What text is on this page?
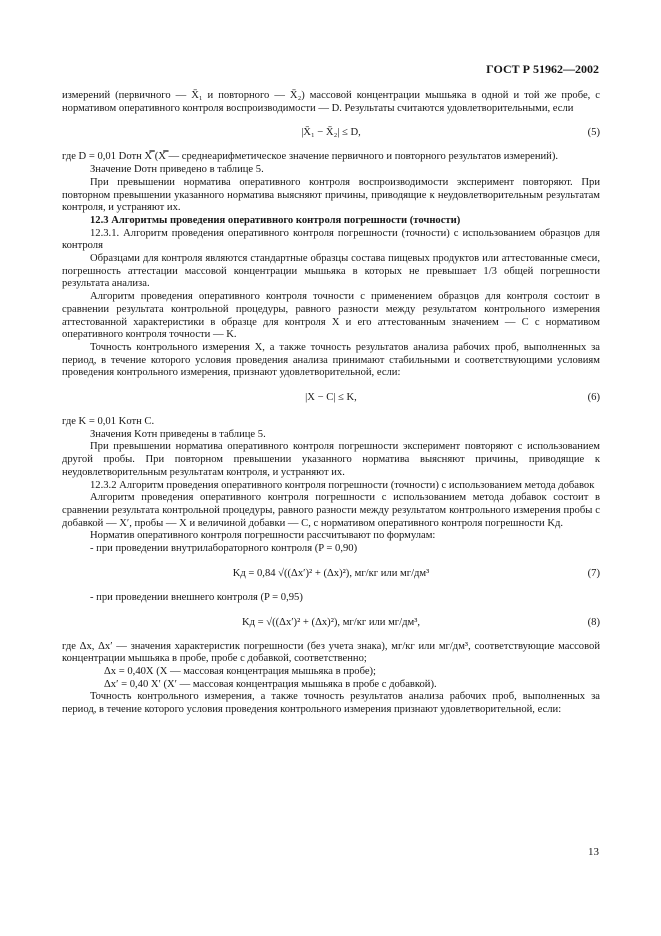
ГОСТ Р 51962—2002

измерений (первичного — X̄₁ и повторного — X̄₂) массовой концентрации мышьяка в одной и той же пробе, с нормативом оперативного контроля воспроизводимости — D. Результаты считаются удовлетворительными, если

|X̄₁ − X̄₂| ≤ D,	(5)

где D = 0,01 Dотн X̿ (X̿ — среднеарифметическое значение первичного и повторного результатов измерений).

Значение Dотн приведено в таблице 5.

При превышении норматива оперативного контроля воспроизводимости эксперимент повторяют. При повторном превышении указанного норматива выясняют причины, приводящие к неудовлетворительным результатам контроля, и устраняют их.

12.3 Алгоритмы проведения оперативного контроля погрешности (точности)

12.3.1. Алгоритм проведения оперативного контроля погрешности (точности) с использованием образцов для контроля

Образцами для контроля являются стандартные образцы состава пищевых продуктов или аттестованные смеси, погрешность аттестации массовой концентрации мышьяка в которых не превышает 1/3 общей погрешности результата анализа.

Алгоритм проведения оперативного контроля точности с применением образцов для контроля состоит в сравнении результата контрольной процедуры, равного разности между результатом контрольного измерения аттестованной характеристики в образце для контроля X и его аттестованным значением — C с нормативом оперативного контроля точности — K.

Точность контрольного измерения X, а также точность результатов анализа рабочих проб, выполненных за период, в течение которого условия проведения анализа принимают стабильными и соответствующими условиям проведения контрольного измерения, признают удовлетворительной, если:

|X − C| ≤ K,	(6)

где K = 0,01 Kотн C.

Значения Kотн приведены в таблице 5.

При превышении норматива оперативного контроля погрешности эксперимент повторяют с использованием другой пробы. При повторном превышении указанного норматива выясняют причины, приводящие к неудовлетворительным результатам контроля, и устраняют их.

12.3.2 Алгоритм проведения оперативного контроля погрешности (точности) с использованием метода добавок

Алгоритм проведения оперативного контроля погрешности с использованием метода добавок состоит в сравнении результата контрольной процедуры, равного разности между результатом контрольного измерения пробы с добавкой — X′, пробы — X и величиной добавки — C, с нормативом оперативного контроля погрешности Kд.

Норматив оперативного контроля погрешности рассчитывают по формулам:

- при проведении внутрилабораторного контроля (P = 0,90)

Kд = 0,84 √((Δx′)² + (Δx)²), мг/кг или мг/дм³	(7)

- при проведении внешнего контроля (P = 0,95)

Kд = √((Δx′)² + (Δx)²), мг/кг или мг/дм³,	(8)

где Δx, Δx′ — значения характеристик погрешности (без учета знака), мг/кг или мг/дм³, соответствующие массовой концентрации мышьяка в пробе, пробе с добавкой, соответственно;

Δx = 0,40X (X — массовая концентрация мышьяка в пробе);

Δx′ = 0,40 X′ (X′ — массовая концентрация мышьяка в пробе с добавкой).

Точность контрольного измерения, а также точность результатов анализа рабочих проб, выполненных за период, в течение которого условия проведения контрольного измерения признают удовлетворительной, если:

13
